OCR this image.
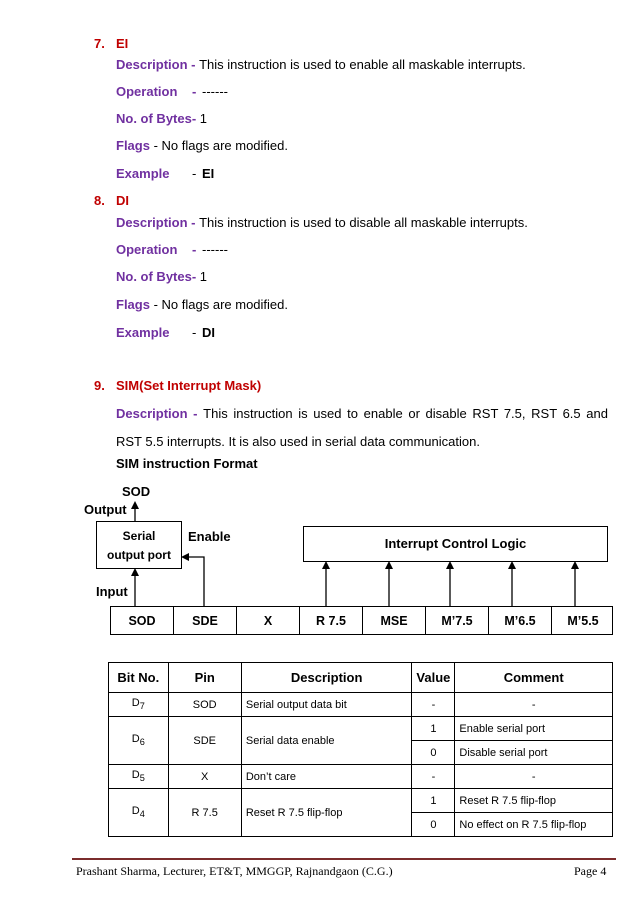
7. EI
Description - This instruction is used to enable all maskable interrupts.
Operation - ------
No. of Bytes- 1
Flags - No flags are modified.
Example - EI
8. DI
Description - This instruction is used to disable all maskable interrupts.
Operation - ------
No. of Bytes- 1
Flags - No flags are modified.
Example - DI
9. SIM(Set Interrupt Mask)
Description - This instruction is used to enable or disable RST 7.5, RST 6.5 and RST 5.5 interrupts. It is also used in serial data communication.
SIM instruction Format
SOD
Output
Serial
output port
Enable	Interrupt Control Logic
Input
SOD	SDE	X	R 7.5	MSE	M’7.5	M’6.5	M’5.5
Bit No.	Pin	Description	Value	Comment
$D_7$	SOD	Serial output data bit	-	-
$D_6$	SDE	Serial data enable	1	Enable serial port
			0	Disable serial port
$D_5$	X	Don’t care	-	-
$D_4$	R 7.5	Reset R 7.5 flip-flop	1	Reset R 7.5 flip-flop
			0	No effect on R 7.5 flip-flop
Prashant Sharma, Lecturer, ET&T, MMGGP, Rajnandgaon (C.G.)	Page 4
